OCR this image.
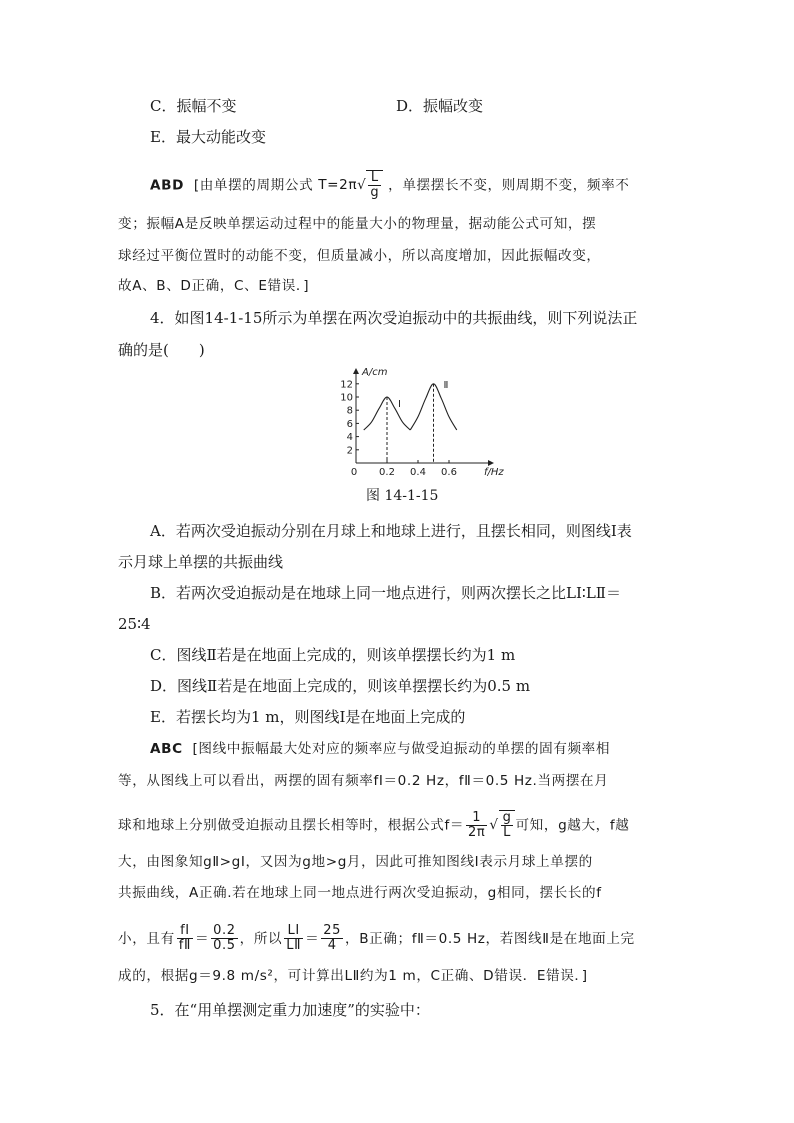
C．振幅不变	D．振幅改变
E．最大动能改变
ABD [由单摆的周期公式 $T=2\pi√ \frac{L}{g}$ ，单摆摆长不变，则周期不变，频率不
变；振幅A是反映单摆运动过程中的能量大小的物理量，据动能公式可知，摆
球经过平衡位置时的动能不变，但质量减小，所以高度增加，因此振幅改变，
故A、B、D正确，C、E错误．]
4．如图14-1-15所示为单摆在两次受迫振动中的共振曲线，则下列说法正
确的是(　　)
2
4
6
8
10
12
0 0.2 0.4 0.6
Ⅰ
Ⅱ
A/cm
f/Hz
图 14-1-15
A．若两次受迫振动分别在月球上和地球上进行，且摆长相同，则图线Ⅰ表
示月球上单摆的共振曲线
B．若两次受迫振动是在地球上同一地点进行，则两次摆长之比LⅠ∶LⅡ＝
25∶4
C．图线Ⅱ若是在地面上完成的，则该单摆摆长约为1 m
D．图线Ⅱ若是在地面上完成的，则该单摆摆长约为0.5 m
E．若摆长均为1 m，则图线Ⅰ是在地面上完成的
ABC [图线中振幅最大处对应的频率应与做受迫振动的单摆的固有频率相
等，从图线上可以看出，两摆的固有频率fⅠ＝0.2 Hz，fⅡ＝0.5 Hz.当两摆在月
球和地球上分别做受迫振动且摆长相等时，根据公式$f= \frac{1}{2\pi}$
√ $\frac{g}{L}$ 可知，g越大，f越
大，由图象知gⅡ>gⅠ，又因为g地>g月，因此可推知图线Ⅰ表示月球上单摆的
共振曲线，A正确.若在地球上同一地点进行两次受迫振动，g相同，摆长长的f
小，且有 $\frac{\text{fⅠ}}{\text{fⅡ}} = \frac{0.2}{0.5}$ ，所以 $\frac{\text{LⅠ}}{\text{LⅡ}} = \frac{25}{4}$ ，B正确；fⅡ＝0.5 Hz，若图线Ⅱ是在地面上完
成的，根据g＝9.8 m/s²，可计算出LⅡ约为1 m，C正确、D错误．E错误．]
5．在“用单摆测定重力加速度”的实验中：
